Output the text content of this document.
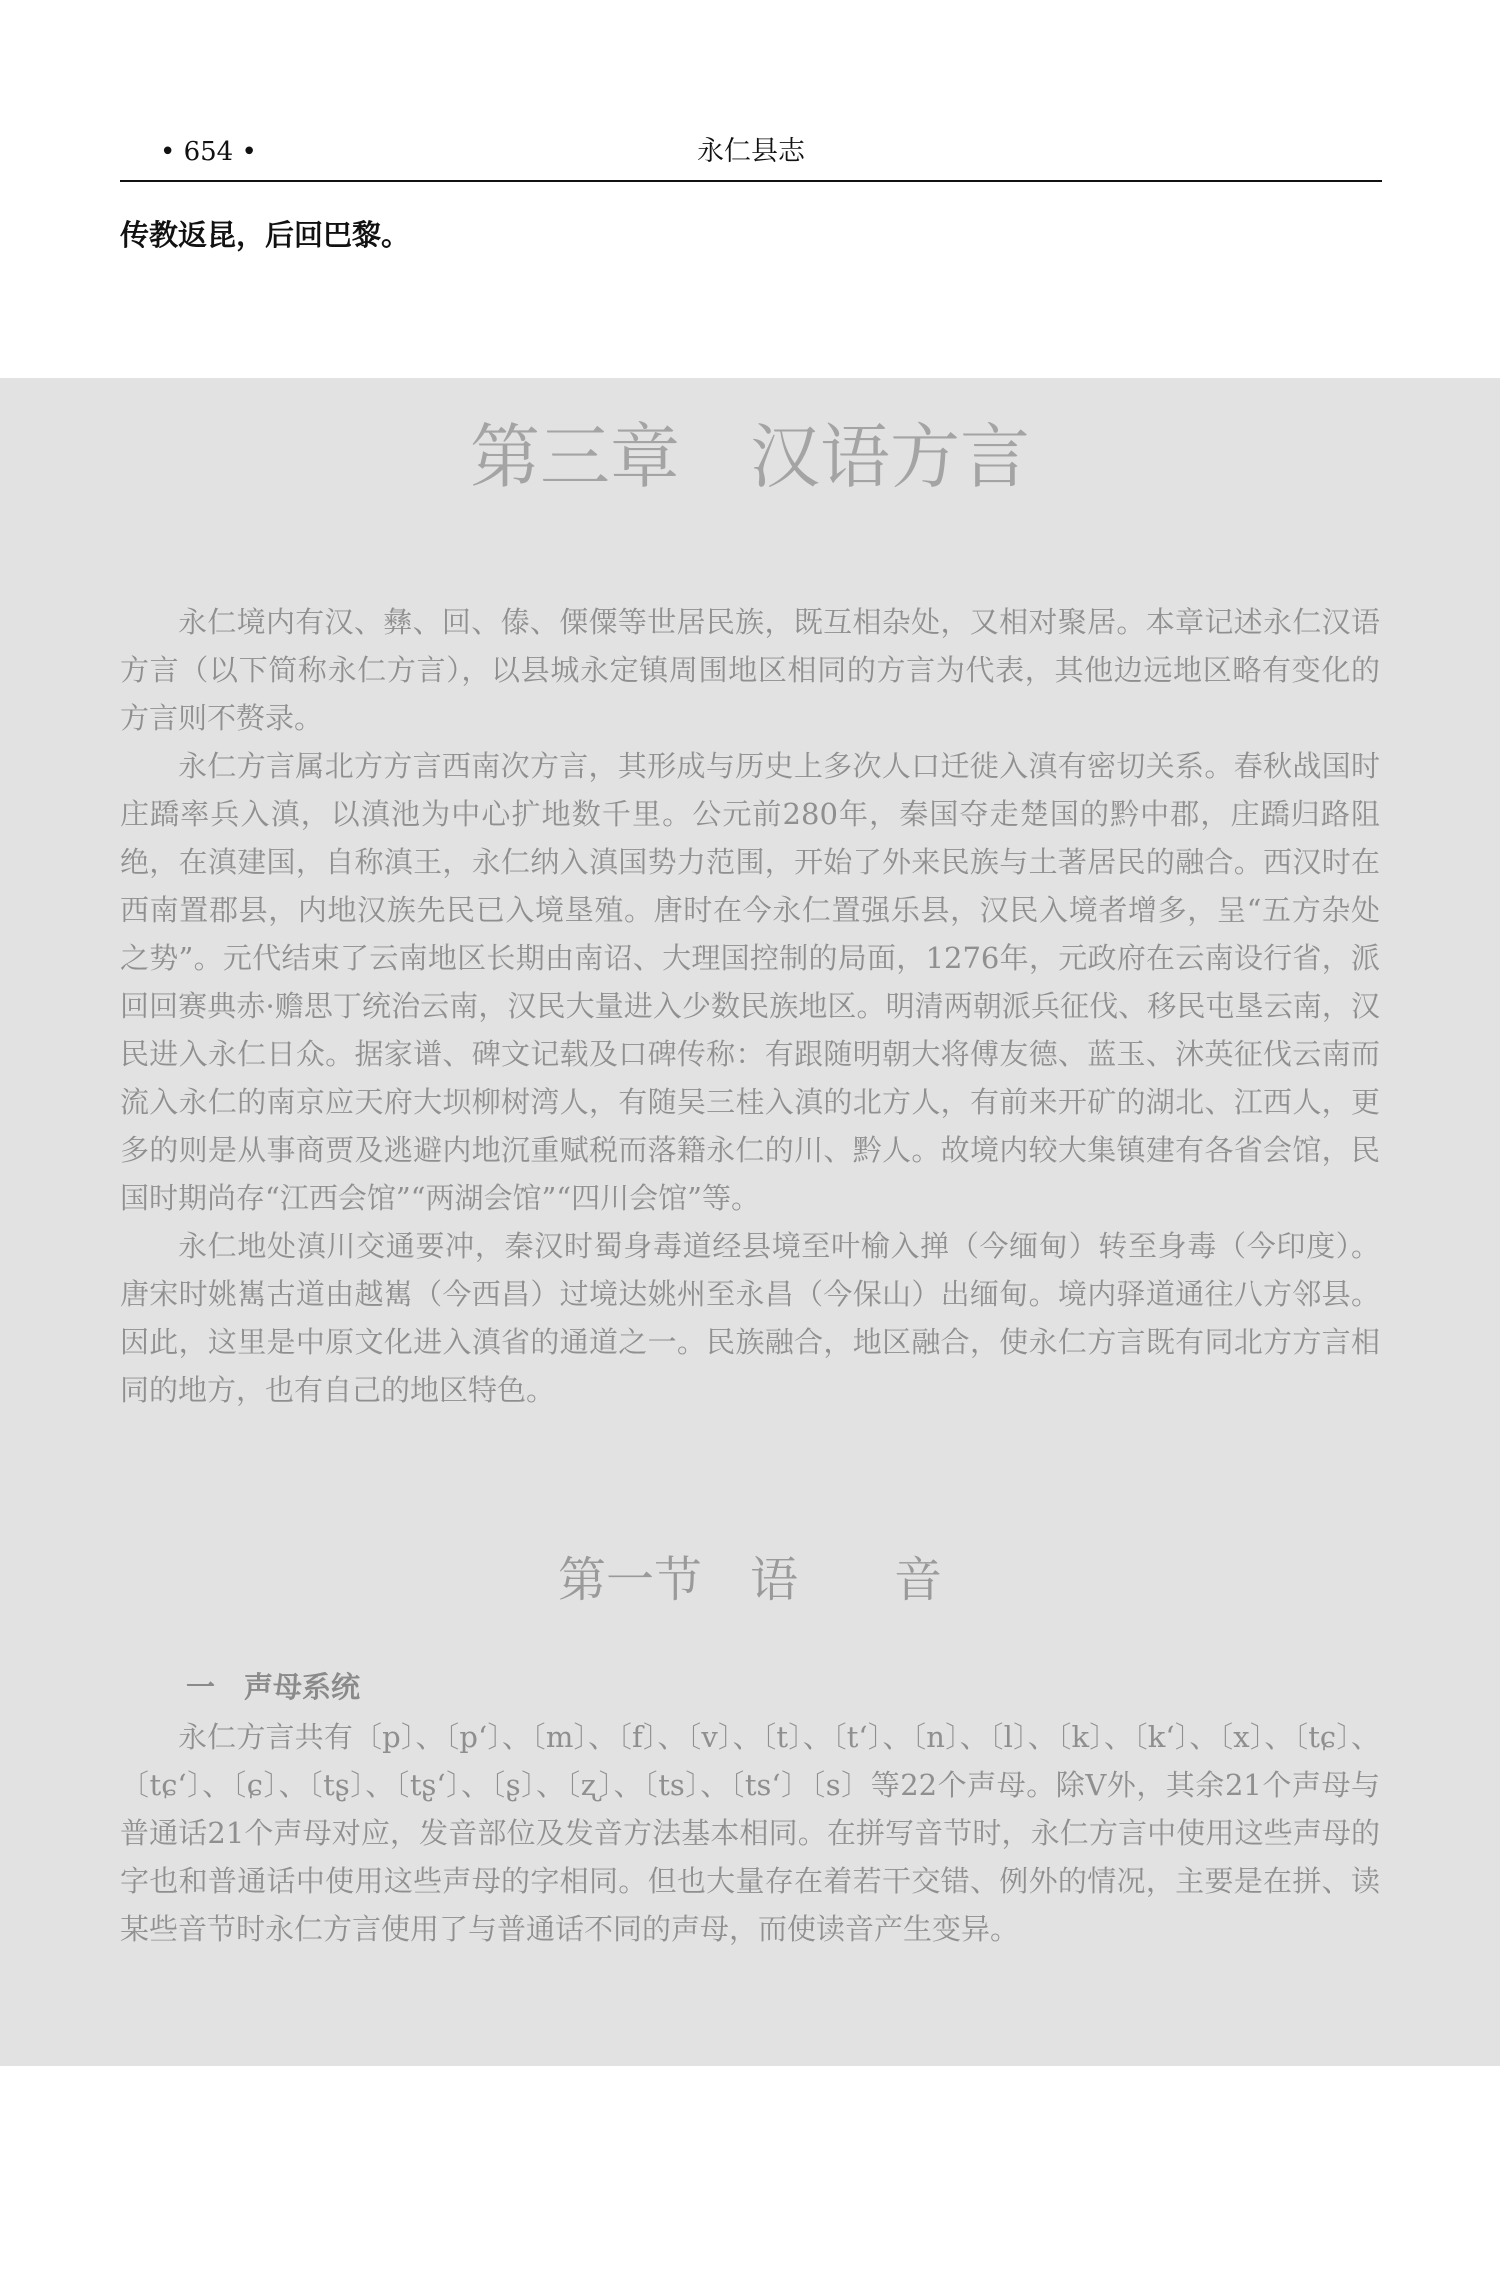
• 654 •	永仁县志
传教返昆，后回巴黎。
第三章　汉语方言

永仁境内有汉、彝、回、傣、傈僳等世居民族，既互相杂处，又相对聚居。本章记述永仁汉语方言（以下简称永仁方言），以县城永定镇周围地区相同的方言为代表，其他边远地区略有变化的方言则不赘录。

永仁方言属北方方言西南次方言，其形成与历史上多次人口迁徙入滇有密切关系。春秋战国时庄蹻率兵入滇，以滇池为中心扩地数千里。公元前280年，秦国夺走楚国的黔中郡，庄蹻归路阻绝，在滇建国，自称滇王，永仁纳入滇国势力范围，开始了外来民族与土著居民的融合。西汉时在西南置郡县，内地汉族先民已入境垦殖。唐时在今永仁置强乐县，汉民入境者增多，呈“五方杂处之势”。元代结束了云南地区长期由南诏、大理国控制的局面，1276年，元政府在云南设行省，派回回赛典赤·赡思丁统治云南，汉民大量进入少数民族地区。明清两朝派兵征伐、移民屯垦云南，汉民进入永仁日众。据家谱、碑文记载及口碑传称：有跟随明朝大将傅友德、蓝玉、沐英征伐云南而流入永仁的南京应天府大坝柳树湾人，有随吴三桂入滇的北方人，有前来开矿的湖北、江西人，更多的则是从事商贾及逃避内地沉重赋税而落籍永仁的川、黔人。故境内较大集镇建有各省会馆，民国时期尚存“江西会馆”“两湖会馆”“四川会馆”等。

永仁地处滇川交通要冲，秦汉时蜀身毒道经县境至叶榆入掸（今缅甸）转至身毒（今印度）。唐宋时姚嶲古道由越嶲（今西昌）过境达姚州至永昌（今保山）出缅甸。境内驿道通往八方邻县。因此，这里是中原文化进入滇省的通道之一。民族融合，地区融合，使永仁方言既有同北方方言相同的地方，也有自己的地区特色。

第一节　语　　音
一　声母系统

永仁方言共有〔p〕、〔pʻ〕、〔m〕、〔f〕、〔v〕、〔t〕、〔tʻ〕、〔n〕、〔l〕、〔k〕、〔kʻ〕、〔x〕、〔tɕ〕、〔tɕʻ〕、〔ɕ〕、〔tʂ〕、〔tʂʻ〕、〔ʂ〕、〔ʐ〕、〔ts〕、〔tsʻ〕〔s〕等22个声母。除V外，其余21个声母与普通话21个声母对应，发音部位及发音方法基本相同。在拼写音节时，永仁方言中使用这些声母的字也和普通话中使用这些声母的字相同。但也大量存在着若干交错、例外的情况，主要是在拼、读某些音节时永仁方言使用了与普通话不同的声母，而使读音产生变异。
